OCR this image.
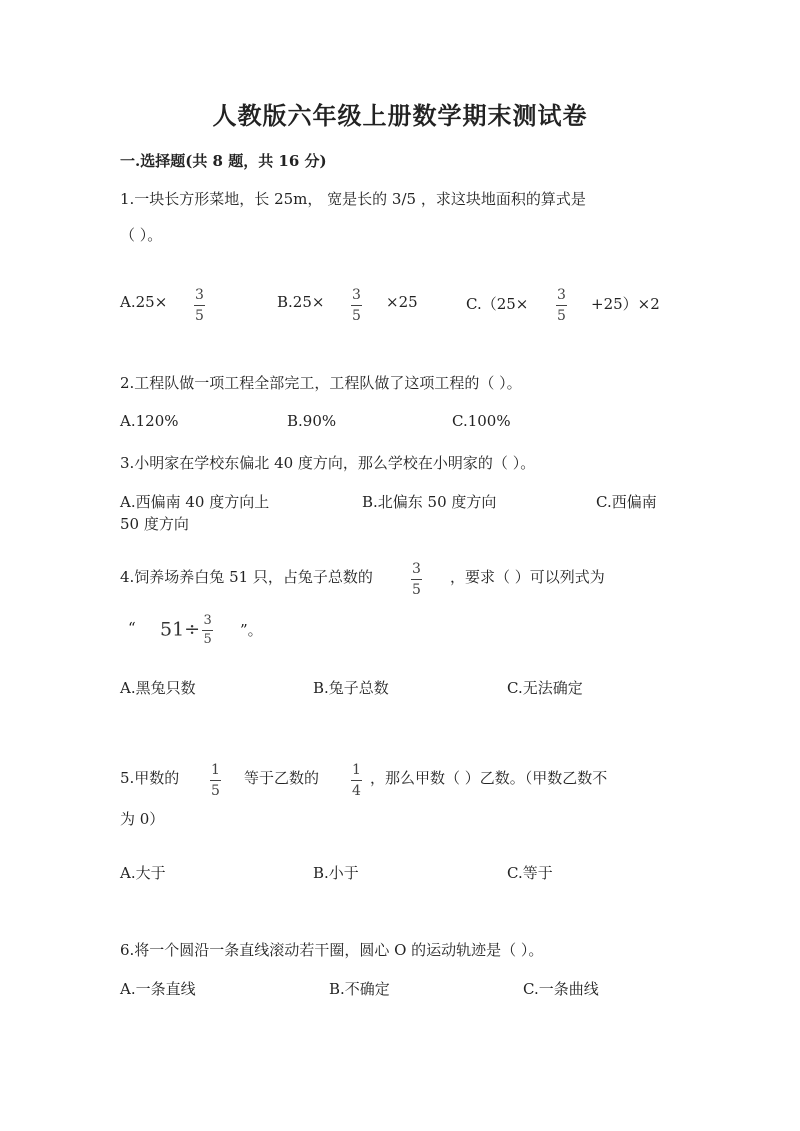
人教版六年级上册数学期末测试卷
一.选择题(共 8 题，共 16 分)
1.一块长方形菜地，长 25m， 宽是长的 3/5 ，求这块地面积的算式是
（ ）。
A.25× 3
5
B.25× 3
5
×25	C.（25× 3
5
+25）×2
2.工程队做一项工程全部完工，工程队做了这项工程的（ ）。
A.120%	B.90%	C.100%
3.小明家在学校东偏北 40 度方向，那么学校在小明家的（ ）。
A.西偏南 40 度方向上	B.北偏东 50 度方向	C.西偏南
50 度方向
4.饲养场养白兔 51 只，占兔子总数的	3
5
，要求（ ）可以列式为
“ $51\div \frac{3}{5}$ ”。
A.黑兔只数	B.兔子总数	C.无法确定
5.甲数的 1
5
等于乙数的 1
4
，那么甲数（ ）乙数。（甲数乙数不
为 0）
A.大于	B.小于	C.等于
6.将一个圆沿一条直线滚动若干圈，圆心 O 的运动轨迹是（ ）。
A.一条直线	B.不确定	C.一条曲线
